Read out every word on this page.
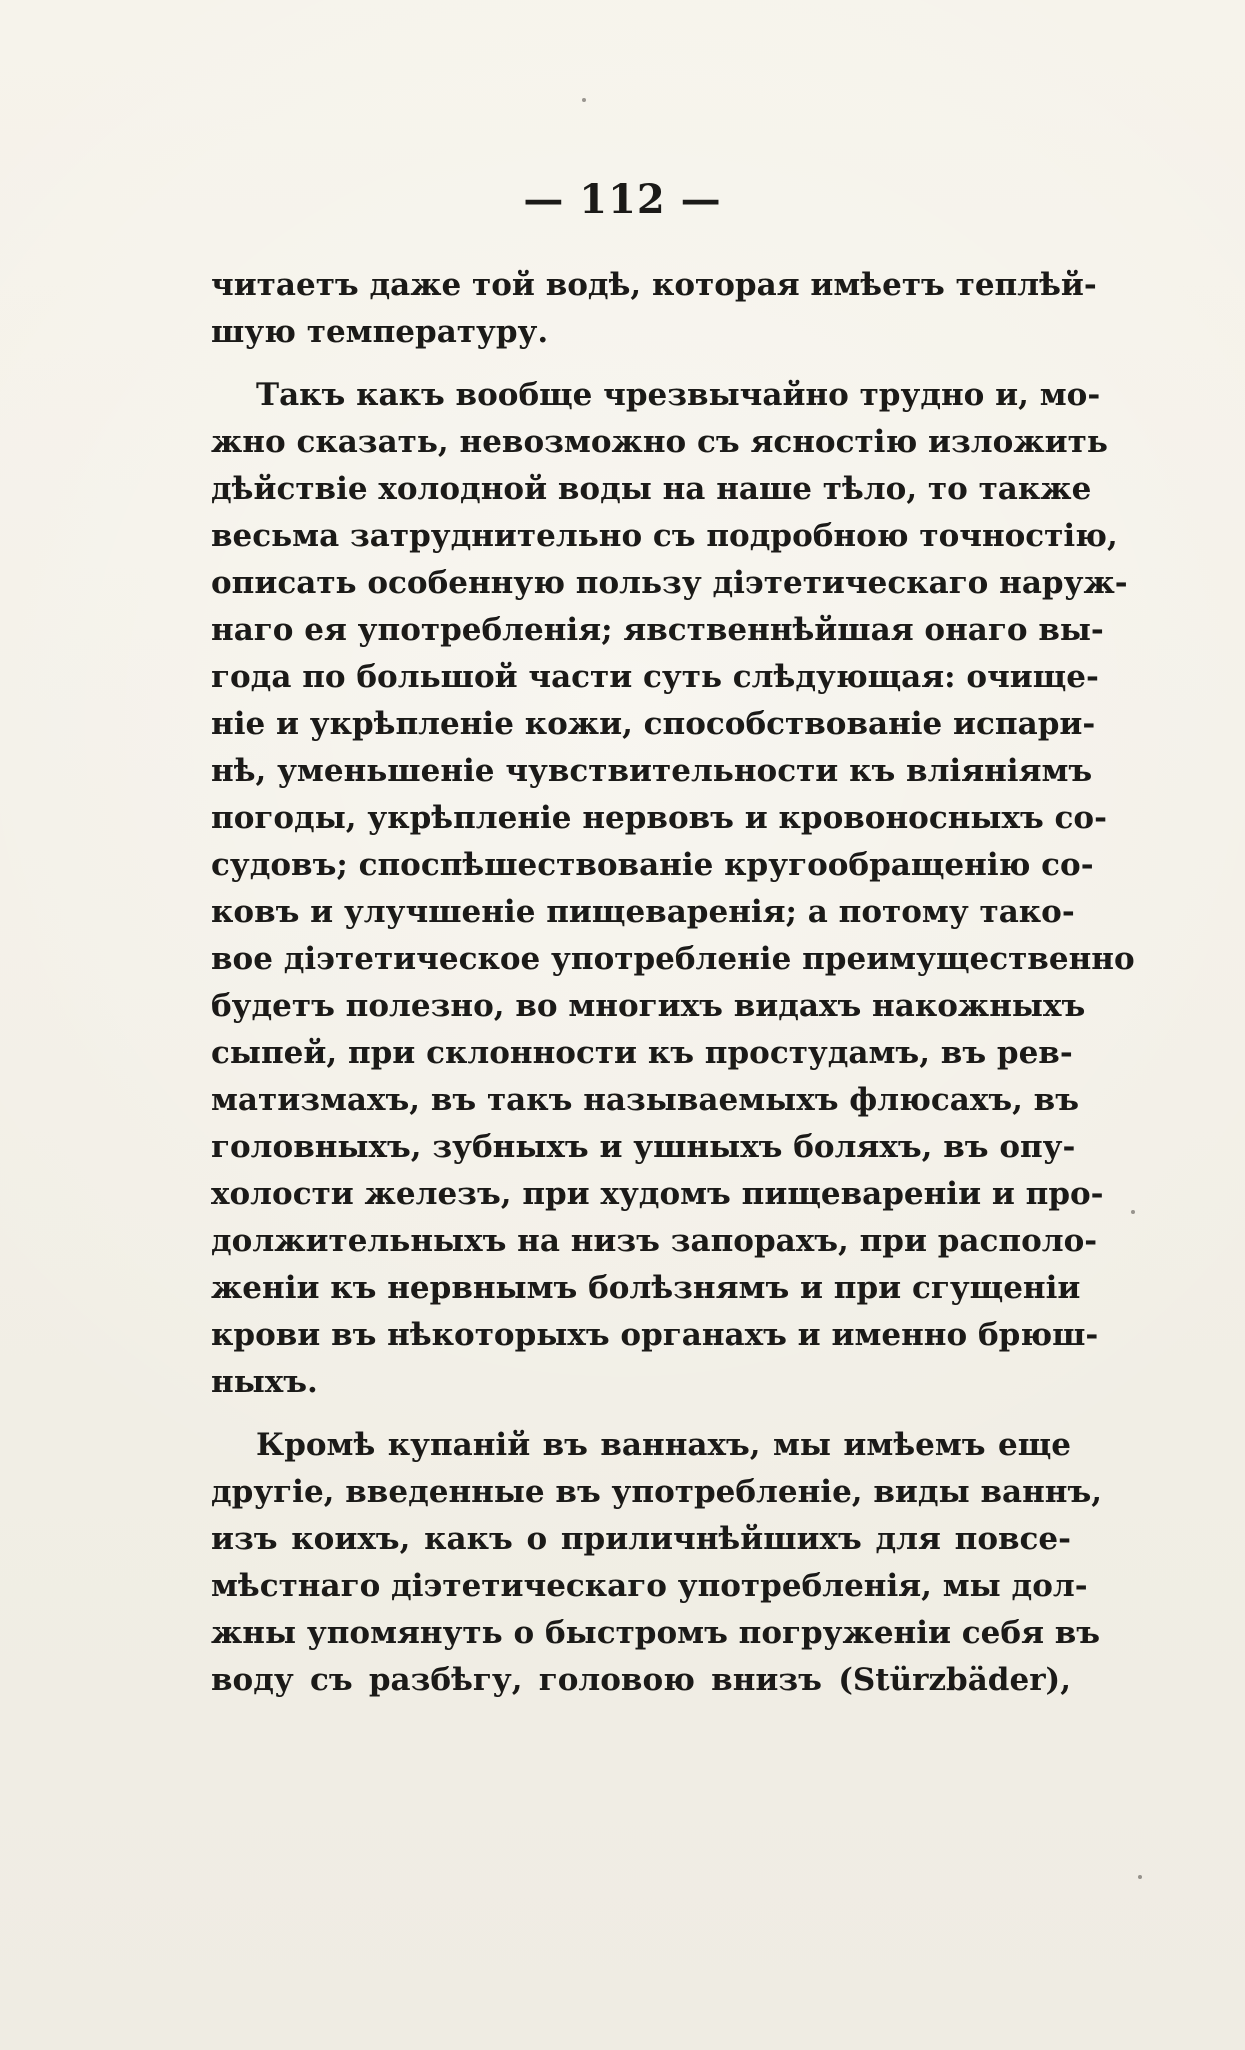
— 112 —
читаетъ даже той водѣ, которая имѣетъ теплѣй-
шую температуру.
Такъ какъ вообще чрезвычайно трудно и, мо-
жно сказать, невозможно съ ясностiю изложить
дѣйствiе холодной воды на наше тѣло, то также
весьма затруднительно съ подробною точностiю,
описать особенную пользу дiэтетическаго наруж-
наго ея употребленiя; явственнѣйшая онаго вы-
года по большой части суть слѣдующая: очище-
нiе и укрѣпленiе кожи, способствованiе испари-
нѣ, уменьшенiе чувствительности къ влiянiямъ
погоды, укрѣпленiе нервовъ и кровоносныхъ со-
судовъ; споспѣшествованiе кругообращенiю со-
ковъ и улучшенiе пищеваренiя; а потому тако-
вое дiэтетическое употребленiе преимущественно
будетъ полезно, во многихъ видахъ накожныхъ
сыпей, при склонности къ простудамъ, въ рев-
матизмахъ, въ такъ называемыхъ флюсахъ, въ
головныхъ, зубныхъ и ушныхъ боляхъ, въ опу-
холости железъ, при худомъ пищеваренiи и про-
должительныхъ на низъ запорахъ, при располо-
женiи къ нервнымъ болѣзнямъ и при сгущенiи
крови въ нѣкоторыхъ органахъ и именно брюш-
ныхъ.
Кромѣ купанiй въ ваннахъ, мы имѣемъ еще
другiе, введенные въ употребленiе, виды ваннъ,
изъ коихъ, какъ о приличнѣйшихъ для повсе-
мѣстнаго дiэтетическаго употребленiя, мы дол-
жны упомянуть о быстромъ погруженiи себя въ
воду съ разбѣгу, головою внизъ (Stürzbäder),
